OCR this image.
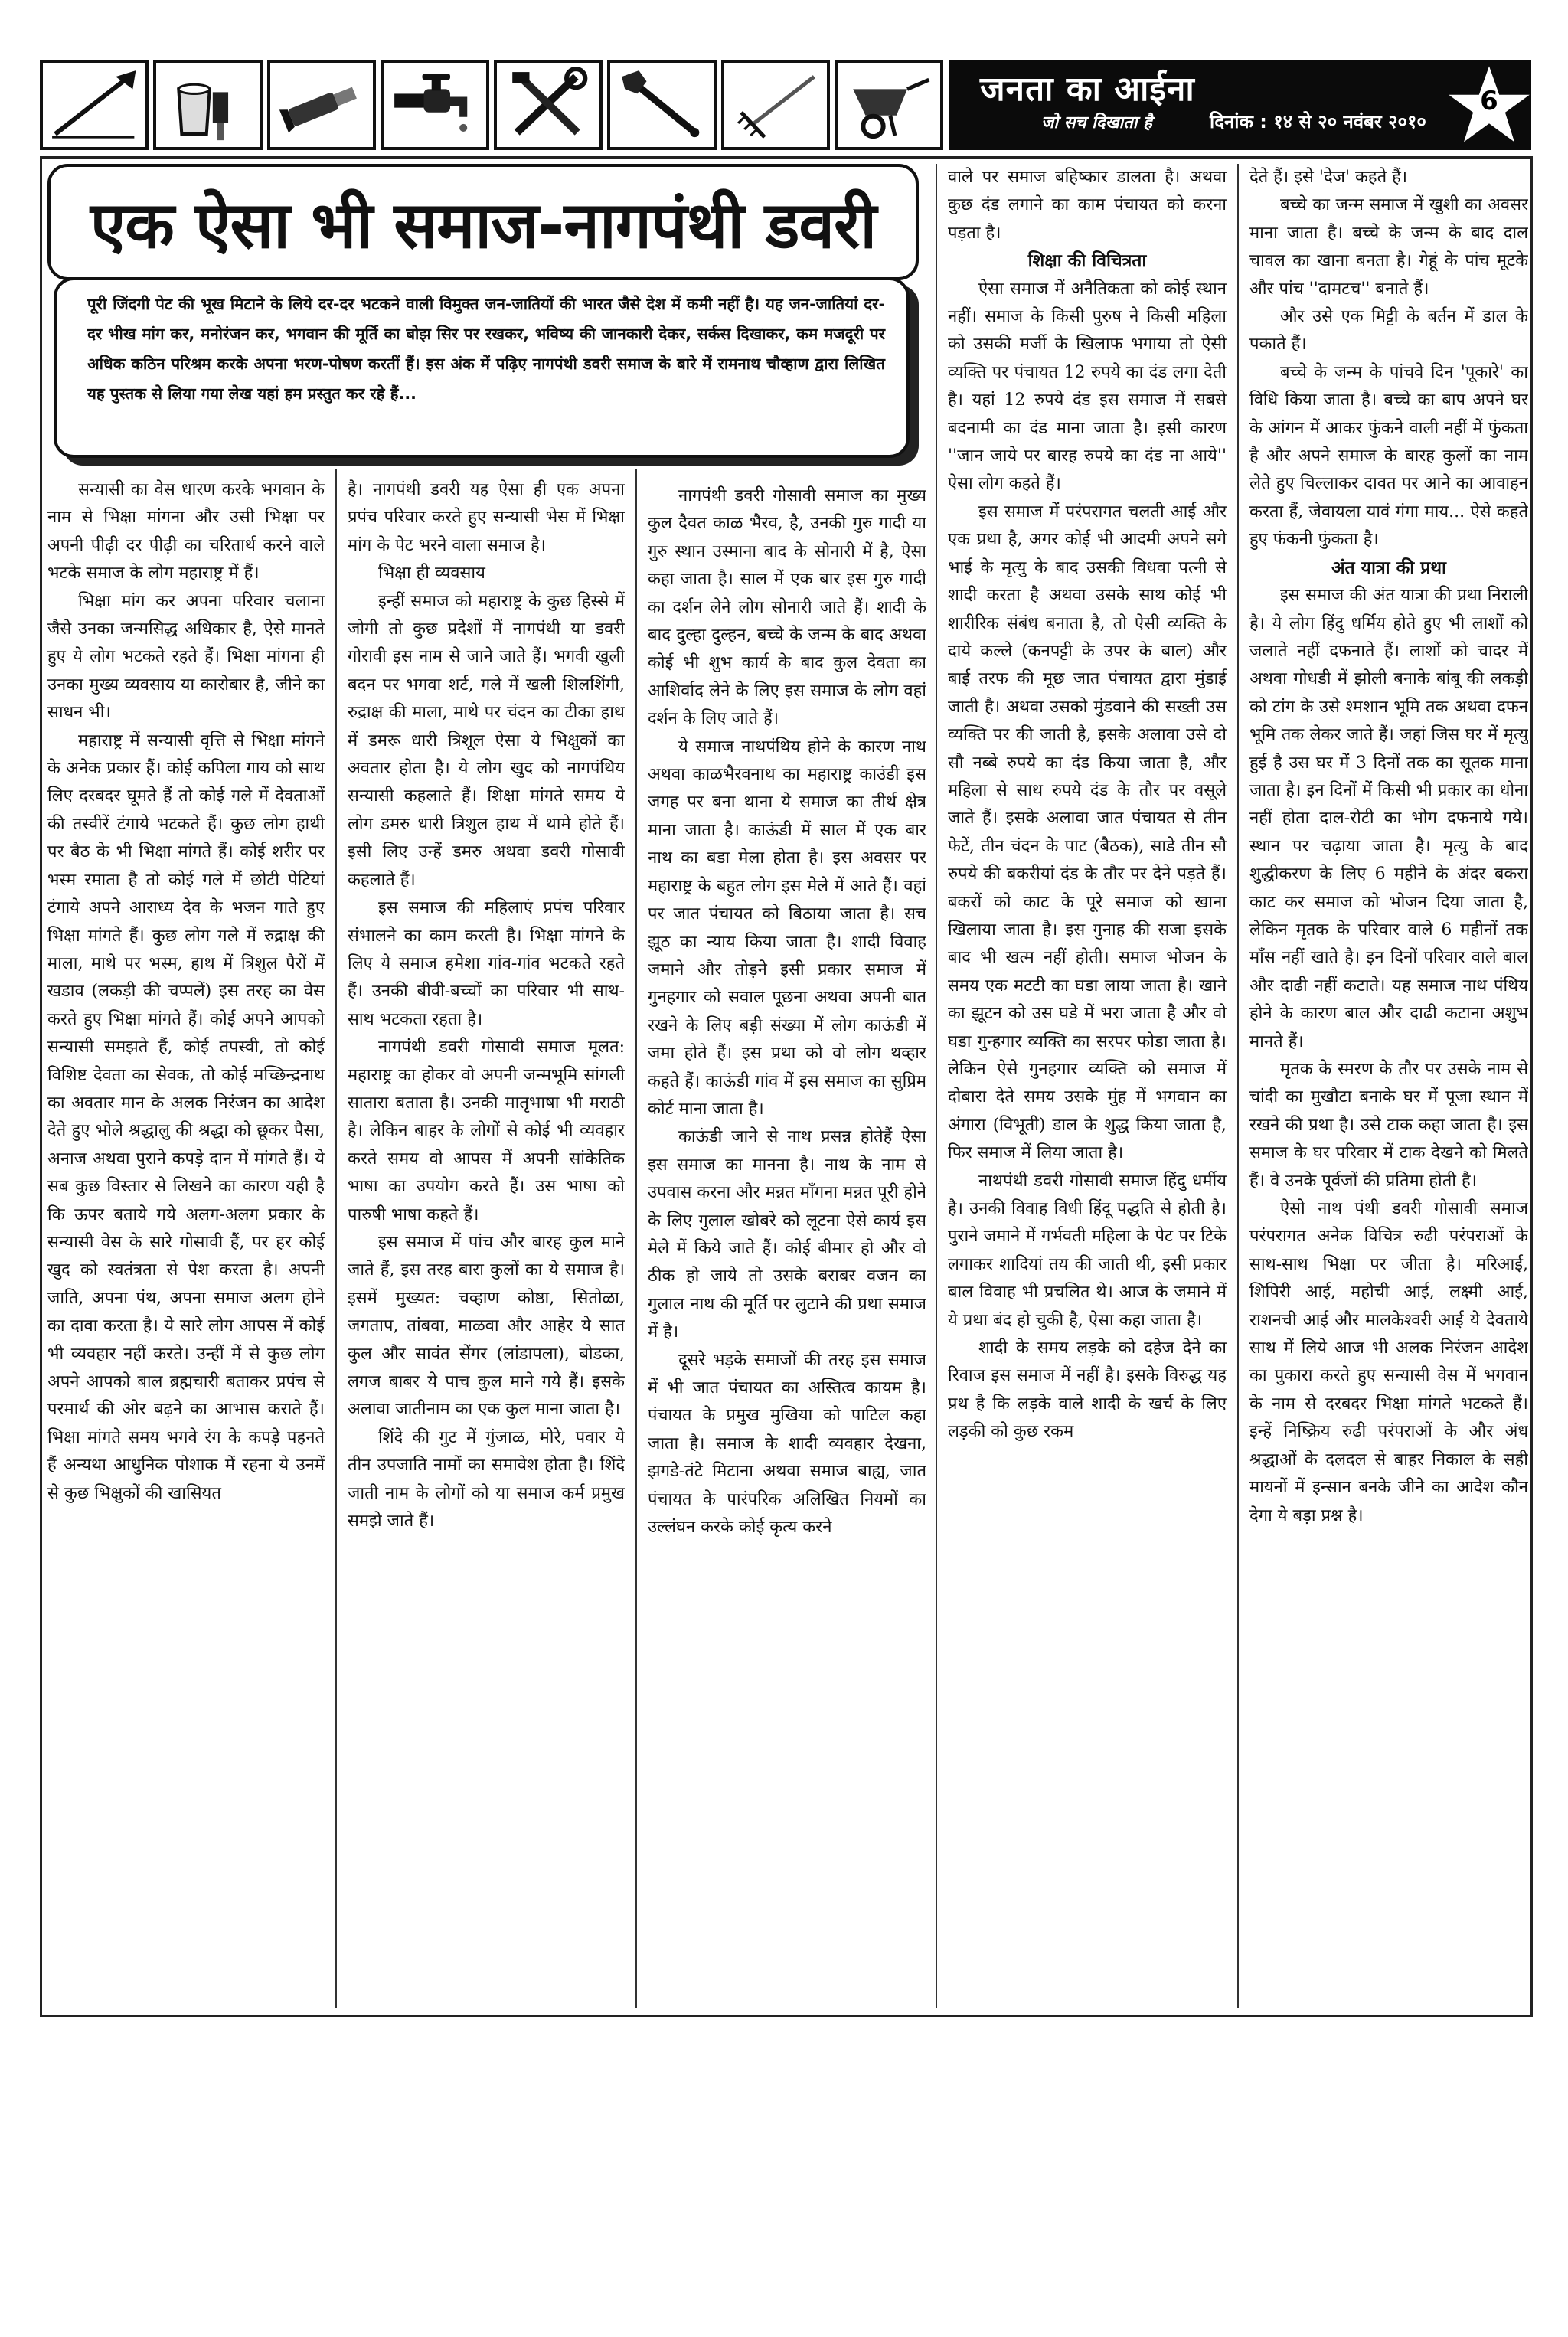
जनता का आईना
जो सच दिखाता है	दिनांक : १४ से २० नवंबर २०१०
6
एक ऐसा भी समाज-नागपंथी डवरी

पूरी जिंदगी पेट की भूख मिटाने के लिये दर-दर भटकने वाली विमुक्त जन-जातियों की भारत जैसे देश में कमी नहीं है। यह जन-जातियां दर-दर भीख मांग कर, मनोरंजन कर, भगवान की मूर्ति का बोझ सिर पर रखकर, भविष्य की जानकारी देकर, सर्कस दिखाकर, कम मजदूरी पर अधिक कठिन परिश्रम करके अपना भरण-पोषण करतीं हैं। इस अंक में पढ़िए नागपंथी डवरी समाज के बारे में रामनाथ चौव्हाण द्वारा लिखित यह पुस्तक से लिया गया लेख यहां हम प्रस्तुत कर रहे हैं...

सन्यासी का वेस धारण करके भगवान के नाम से भिक्षा मांगना और उसी भिक्षा पर अपनी पीढ़ी दर पीढ़ी का चरितार्थ करने वाले भटके समाज के लोग महाराष्ट्र में हैं।

भिक्षा मांग कर अपना परिवार चलाना जैसे उनका जन्मसिद्ध अधिकार है, ऐसे मानते हुए ये लोग भटकते रहते हैं। भिक्षा मांगना ही उनका मुख्य व्यवसाय या कारोबार है, जीने का साधन भी।

महाराष्ट्र में सन्यासी वृत्ति से भिक्षा मांगने के अनेक प्रकार हैं। कोई कपिला गाय को साथ लिए दरबदर घूमते हैं तो कोई गले में देवताओं की तस्वीरें टंगाये भटकते हैं। कुछ लोग हाथी पर बैठ के भी भिक्षा मांगते हैं। कोई शरीर पर भस्म रमाता है तो कोई गले में छोटी पेटियां टंगाये अपने आराध्य देव के भजन गाते हुए भिक्षा मांगते हैं। कुछ लोग गले में रुद्राक्ष की माला, माथे पर भस्म, हाथ में त्रिशुल पैरों में खडाव (लकड़ी की चप्पलें) इस तरह का वेस करते हुए भिक्षा मांगते हैं। कोई अपने आपको सन्यासी समझते हैं, कोई तपस्वी, तो कोई विशिष्ट देवता का सेवक, तो कोई मच्छिन्द्रनाथ का अवतार मान के अलक निरंजन का आदेश देते हुए भोले श्रद्धालु की श्रद्धा को छूकर पैसा, अनाज अथवा पुराने कपड़े दान में मांगते हैं। ये सब कुछ विस्तार से लिखने का कारण यही है कि ऊपर बताये गये अलग-अलग प्रकार के सन्यासी वेस के सारे गोसावी हैं, पर हर कोई खुद को स्वतंत्रता से पेश करता है। अपनी जाति, अपना पंथ, अपना समाज अलग होने का दावा करता है। ये सारे लोग आपस में कोई भी व्यवहार नहीं करते। उन्हीं में से कुछ लोग अपने आपको बाल ब्रह्मचारी बताकर प्रपंच से परमार्थ की ओर बढ़ने का आभास कराते हैं। भिक्षा मांगते समय भगवे रंग के कपड़े पहनते हैं अन्यथा आधुनिक पोशाक में रहना ये उनमें से कुछ भिक्षुकों की खासियत

है। नागपंथी डवरी यह ऐसा ही एक अपना प्रपंच परिवार करते हुए सन्यासी भेस में भिक्षा मांग के पेट भरने वाला समाज है।

भिक्षा ही व्यवसाय

इन्हीं समाज को महाराष्ट्र के कुछ हिस्से में जोगी तो कुछ प्रदेशों में नागपंथी या डवरी गोरावी इस नाम से जाने जाते हैं। भगवी खुली बदन पर भगवा शर्ट, गले में खली शिलशिंगी, रुद्राक्ष की माला, माथे पर चंदन का टीका हाथ में डमरू धारी त्रिशूल ऐसा ये भिक्षुकों का अवतार होता है। ये लोग खुद को नागपंथिय सन्यासी कहलाते हैं। शिक्षा मांगते समय ये लोग डमरु धारी त्रिशुल हाथ में थामे होते हैं। इसी लिए उन्हें डमरु अथवा डवरी गोसावी कहलाते हैं।

इस समाज की महिलाएं प्रपंच परिवार संभालने का काम करती है। भिक्षा मांगने के लिए ये समाज हमेशा गांव-गांव भटकते रहते हैं। उनकी बीवी-बच्चों का परिवार भी साथ-साथ भटकता रहता है।

नागपंथी डवरी गोसावी समाज मूलत: महाराष्ट्र का होकर वो अपनी जन्मभूमि सांगली सातारा बताता है। उनकी मातृभाषा भी मराठी है। लेकिन बाहर के लोगों से कोई भी व्यवहार करते समय वो आपस में अपनी सांकेतिक भाषा का उपयोग करते हैं। उस भाषा को पारुषी भाषा कहते हैं।

इस समाज में पांच और बारह कुल माने जाते हैं, इस तरह बारा कुलों का ये समाज है। इसमें मुख्यत: चव्हाण कोष्ठा, सितोळा, जगताप, तांबवा, माळवा और आहेर ये सात कुल और सावंत सेंगर (लांडापला), बोडका, लगज बाबर ये पाच कुल माने गये हैं। इसके अलावा जातीनाम का एक कुल माना जाता है।

शिंदे की गुट में गुंजाळ, मोरे, पवार ये तीन उपजाति नामों का समावेश होता है। शिंदे जाती नाम के लोगों को या समाज कर्म प्रमुख समझे जाते हैं।

नागपंथी डवरी गोसावी समाज का मुख्य कुल दैवत काळ भैरव, है, उनकी गुरु गादी या गुरु स्थान उस्माना बाद के सोनारी में है, ऐसा कहा जाता है। साल में एक बार इस गुरु गादी का दर्शन लेने लोग सोनारी जाते हैं। शादी के बाद दुल्हा दुल्हन, बच्चे के जन्म के बाद अथवा कोई भी शुभ कार्य के बाद कुल देवता का आशिर्वाद लेने के लिए इस समाज के लोग वहां दर्शन के लिए जाते हैं।

ये समाज नाथपंथिय होने के कारण नाथ अथवा काळभैरवनाथ का महाराष्ट्र काउंडी इस जगह पर बना थाना ये समाज का तीर्थ क्षेत्र माना जाता है। काऊंडी में साल में एक बार नाथ का बडा मेला होता है। इस अवसर पर महाराष्ट्र के बहुत लोग इस मेले में आते हैं। वहां पर जात पंचायत को बिठाया जाता है। सच झूठ का न्याय किया जाता है। शादी विवाह जमाने और तोड़ने इसी प्रकार समाज में गुनहगार को सवाल पूछना अथवा अपनी बात रखने के लिए बड़ी संख्या में लोग काऊंडी में जमा होते हैं। इस प्रथा को वो लोग थव्हार कहते हैं। काऊंडी गांव में इस समाज का सुप्रिम कोर्ट माना जाता है।

काऊंडी जाने से नाथ प्रसन्न होतेहैं ऐसा इस समाज का मानना है। नाथ के नाम से उपवास करना और मन्नत माँगना मन्नत पूरी होने के लिए गुलाल खोबरे को लूटना ऐसे कार्य इस मेले में किये जाते हैं। कोई बीमार हो और वो ठीक हो जाये तो उसके बराबर वजन का गुलाल नाथ की मूर्ति पर लुटाने की प्रथा समाज में है।

दूसरे भड़के समाजों की तरह इस समाज में भी जात पंचायत का अस्तित्व कायम है। पंचायत के प्रमुख मुखिया को पाटिल कहा जाता है। समाज के शादी व्यवहार देखना, झगडे-तंटे मिटाना अथवा समाज बाह्य, जात पंचायत के पारंपरिक अलिखित नियमों का उल्लंघन करके कोई कृत्य करने

वाले पर समाज बहिष्कार डालता है। अथवा कुछ दंड लगाने का काम पंचायत को करना पड़ता है।

शिक्षा की विचित्रता

ऐसा समाज में अनैतिकता को कोई स्थान नहीं। समाज के किसी पुरुष ने किसी महिला को उसकी मर्जी के खिलाफ भगाया तो ऐसी व्यक्ति पर पंचायत 12 रुपये का दंड लगा देती है। यहां 12 रुपये दंड इस समाज में सबसे बदनामी का दंड माना जाता है। इसी कारण ''जान जाये पर बारह रुपये का दंड ना आये'' ऐसा लोग कहते हैं।

इस समाज में परंपरागत चलती आई और एक प्रथा है, अगर कोई भी आदमी अपने सगे भाई के मृत्यु के बाद उसकी विधवा पत्नी से शादी करता है अथवा उसके साथ कोई भी शारीरिक संबंध बनाता है, तो ऐसी व्यक्ति के दाये कल्ले (कनपट्टी के उपर के बाल) और बाई तरफ की मूछ जात पंचायत द्वारा मुंडाई जाती है। अथवा उसको मुंडवाने की सख्ती उस व्यक्ति पर की जाती है, इसके अलावा उसे दो सौ नब्बे रुपये का दंड किया जाता है, और महिला से साथ रुपये दंड के तौर पर वसूले जाते हैं। इसके अलावा जात पंचायत से तीन फेटें, तीन चंदन के पाट (बैठक), साडे तीन सौ रुपये की बकरीयां दंड के तौर पर देने पड़ते हैं। बकरों को काट के पूरे समाज को खाना खिलाया जाता है। इस गुनाह की सजा इसके बाद भी खत्म नहीं होती। समाज भोजन के समय एक मटटी का घडा लाया जाता है। खाने का झूटन को उस घडे में भरा जाता है और वो घडा गुन्हगार व्यक्ति का सरपर फोडा जाता है। लेकिन ऐसे गुनहगार व्यक्ति को समाज में दोबारा देते समय उसके मुंह में भगवान का अंगारा (विभूती) डाल के शुद्ध किया जाता है, फिर समाज में लिया जाता है।

नाथपंथी डवरी गोसावी समाज हिंदु धर्मीय है। उनकी विवाह विधी हिंदू पद्धति से होती है। पुराने जमाने में गर्भवती महिला के पेट पर टिके लगाकर शादियां तय की जाती थी, इसी प्रकार बाल विवाह भी प्रचलित थे। आज के जमाने में ये प्रथा बंद हो चुकी है, ऐसा कहा जाता है।

शादी के समय लड़के को दहेज देने का रिवाज इस समाज में नहीं है। इसके विरुद्ध यह प्रथ है कि लड़के वाले शादी के खर्च के लिए लड़की को कुछ रकम

देते हैं। इसे 'देज' कहते हैं।

बच्चे का जन्म समाज में खुशी का अवसर माना जाता है। बच्चे के जन्म के बाद दाल चावल का खाना बनता है। गेहूं के पांच मूटके और पांच ''दामटच'' बनाते हैं।

और उसे एक मिट्टी के बर्तन में डाल के पकाते हैं।

बच्चे के जन्म के पांचवे दिन 'पूकारे' का विधि किया जाता है। बच्चे का बाप अपने घर के आंगन में आकर फुंकने वाली नहीं में फुंकता है और अपने समाज के बारह कुलों का नाम लेते हुए चिल्लाकर दावत पर आने का आवाहन करता हैं, जेवायला यावं गंगा माय... ऐसे कहते हुए फंकनी फुंकता है।

अंत यात्रा की प्रथा

इस समाज की अंत यात्रा की प्रथा निराली है। ये लोग हिंदु धर्मिय होते हुए भी लाशों को जलाते नहीं दफनाते हैं। लाशों को चादर में अथवा गोधडी में झोली बनाके बांबू की लकड़ी को टांग के उसे श्मशान भूमि तक अथवा दफन भूमि तक लेकर जाते हैं। जहां जिस घर में मृत्यु हुई है उस घर में 3 दिनों तक का सूतक माना जाता है। इन दिनों में किसी भी प्रकार का धोना नहीं होता दाल-रोटी का भोग दफनाये गये। स्थान पर चढ़ाया जाता है। मृत्यु के बाद शुद्धीकरण के लिए 6 महीने के अंदर बकरा काट कर समाज को भोजन दिया जाता है, लेकिन मृतक के परिवार वाले 6 महीनों तक माँस नहीं खाते है। इन दिनों परिवार वाले बाल और दाढी नहीं कटाते। यह समाज नाथ पंथिय होने के कारण बाल और दाढी कटाना अशुभ मानते हैं।

मृतक के स्मरण के तौर पर उसके नाम से चांदी का मुखौटा बनाके घर में पूजा स्थान में रखने की प्रथा है। उसे टाक कहा जाता है। इस समाज के घर परिवार में टाक देखने को मिलते हैं। वे उनके पूर्वजों की प्रतिमा होती है।

ऐसो नाथ पंथी डवरी गोसावी समाज परंपरागत अनेक विचित्र रुढी परंपराओं के साथ-साथ भिक्षा पर जीता है। मरिआई, शिपिरी आई, महोची आई, लक्ष्मी आई, राशनची आई और मालकेश्वरी आई ये देवताये साथ में लिये आज भी अलक निरंजन आदेश का पुकारा करते हुए सन्यासी वेस में भगवान के नाम से दरबदर भिक्षा मांगते भटकते हैं। इन्हें निष्क्रिय रुढी परंपराओं के और अंध श्रद्धाओं के दलदल से बाहर निकाल के सही मायनों में इन्सान बनके जीने का आदेश कौन देगा ये बड़ा प्रश्न है।
